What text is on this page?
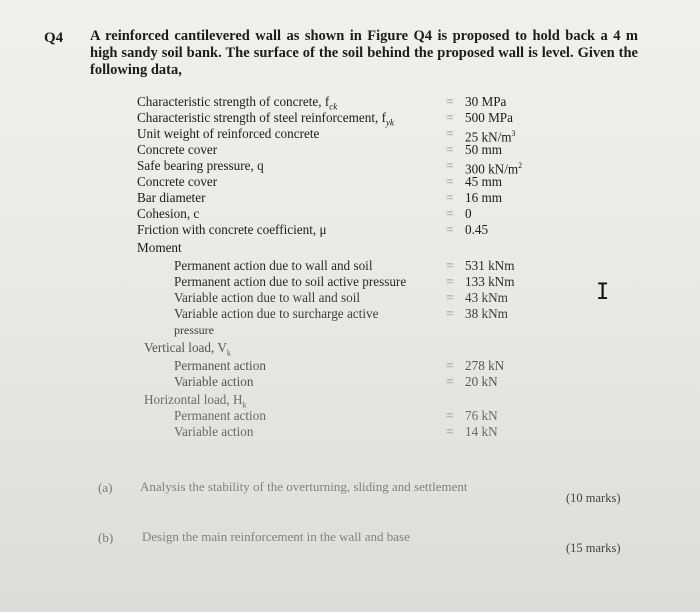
Q4 A reinforced cantilevered wall as shown in Figure Q4 is proposed to hold back a 4 m high sandy soil bank. The surface of the soil behind the proposed wall is level. Given the following data,
Characteristic strength of concrete, $f_{ck}$	= 30 MPa
Characteristic strength of steel reinforcement, $f_{yk}$	= 500 MPa
Unit weight of reinforced concrete	= 25 $kN/m^3$
Concrete cover	= 50 mm
Safe bearing pressure, q	= 300 $kN/m^2$
Concrete cover	= 45 mm
Bar diameter	= 16 mm
Cohesion, c	= 0
Friction with concrete coefficient, μ	= 0.45
Moment
Permanent action due to wall and soil	= 531 kNm
Permanent action due to soil active pressure	= 133 kNm
Variable action due to wall and soil	= 43 kNm
Variable action due to surcharge active	= 38 kNm
pressure
Vertical load, $V_k$
Permanent action	= 278 kN
Variable action	= 20 kN
Horizontal load, $H_k$
Permanent action	= 76 kN
Variable action	= 14 kN
I
(a) Analysis the stability of the overturning, sliding and settlement
(10 marks)
(b) Design the main reinforcement in the wall and base
(15 marks)
